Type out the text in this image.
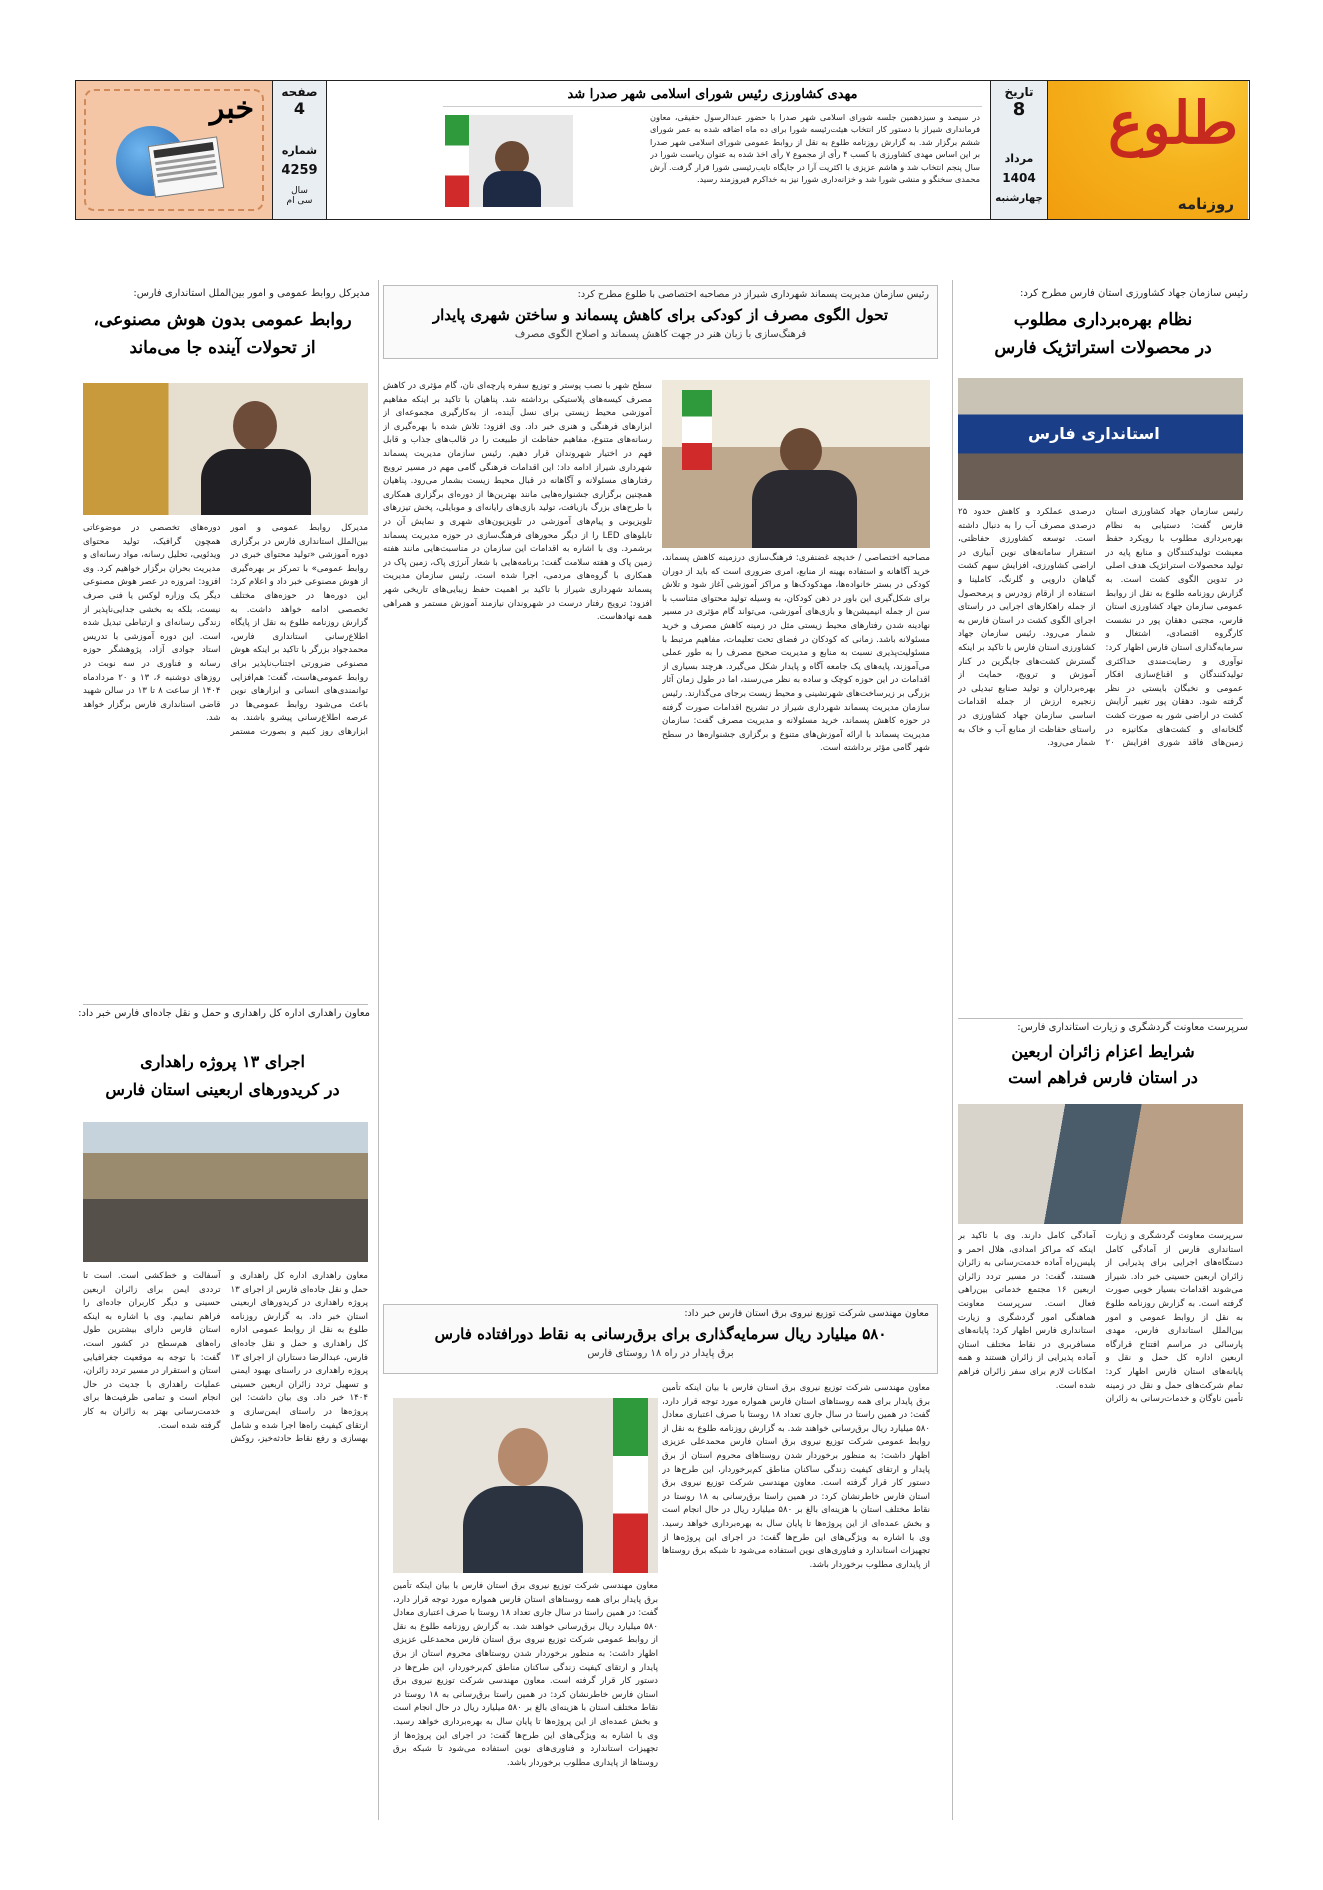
طلوع
روزنامه
تاریخ
8
مرداد
1404
چهارشنبه
مهدی کشاورزی رئیس شورای اسلامی شهر صدرا شد
در سیصد و سیزدهمین جلسه شورای اسلامی شهر صدرا با حضور عبدالرسول حقیقی، معاون فرمانداری شیراز با دستور کار انتخاب هیئت‌رئیسه شورا برای ده ماه اضافه شده به عمر شورای ششم برگزار شد. به گزارش روزنامه طلوع به نقل از روابط عمومی شورای اسلامی شهر صدرا بر این اساس مهدی کشاورزی با کسب ۴ رأی از مجموع ۷ رأی اخذ شده به عنوان ریاست شورا در سال پنجم انتخاب شد و هاشم عزیزی با اکثریت آرا در جایگاه نایب‌رئیسی شورا قرار گرفت. آرش محمدی سخنگو و منشی شورا شد و خزانه‌داری شورا نیز به خداکرم فیروزمند رسید.
صفحه
4
شماره
4259
سال
سی ام
خبر
رئیس سازمان جهاد کشاورزی استان فارس مطرح کرد:
نظام بهره‌برداری مطلوب
در محصولات استراتژیک فارس
استانداری فارس
رئیس سازمان جهاد کشاورزی استان فارس گفت: دستیابی به نظام بهره‌برداری مطلوب با رویکرد حفظ معیشت تولیدکنندگان و منابع پایه در تولید محصولات استراتژیک هدف اصلی در تدوین الگوی کشت است. به گزارش روزنامه طلوع به نقل از روابط عمومی سازمان جهاد کشاورزی استان فارس، مجتبی دهقان پور در نشست کارگروه اقتصادی، اشتغال و سرمایه‌گذاری استان فارس اظهار کرد: نوآوری و رضایت‌مندی حداکثری تولیدکنندگان و اقناع‌سازی افکار عمومی و نخبگان بایستی در نظر گرفته شود. دهقان پور تغییر آرایش کشت در اراضی شور به صورت کشت گلخانه‌ای و کشت‌های مکانیزه در زمین‌های فاقد شوری افزایش ۲۰ درصدی عملکرد و کاهش حدود ۲۵ درصدی مصرف آب را به دنبال داشته است. توسعه کشاورزی حفاظتی، استقرار سامانه‌های نوین آبیاری در اراضی کشاورزی، افزایش سهم کشت گیاهان دارویی و گلرنگ، کاملینا و استفاده از ارقام زودرس و پرمحصول از جمله راهکارهای اجرایی در راستای اجرای الگوی کشت در استان فارس به شمار می‌رود. رئیس سازمان جهاد کشاورزی استان فارس با تاکید بر اینکه گسترش کشت‌های جایگزین در کنار آموزش و ترویج، حمایت از بهره‌برداران و تولید صنایع تبدیلی در زنجیره ارزش از جمله اقدامات اساسی سازمان جهاد کشاورزی در راستای حفاظت از منابع آب و خاک به شمار می‌رود.
سرپرست معاونت گردشگری و زیارت استانداری فارس:
شرایط اعزام زائران اربعین
در استان فارس فراهم است
سرپرست معاونت گردشگری و زیارت استانداری فارس از آمادگی کامل دستگاه‌های اجرایی برای پذیرایی از زائران اربعین حسینی خبر داد. شیراز می‌شوند اقدامات بسیار خوبی صورت گرفته است. به گزارش روزنامه طلوع به نقل از روابط عمومی و امور بین‌الملل استانداری فارس، مهدی پارسائی در مراسم افتتاح قرارگاه اربعین اداره کل حمل و نقل و پایانه‌های استان فارس اظهار کرد: تمام شرکت‌های حمل و نقل در زمینه تأمین ناوگان و خدمات‌رسانی به زائران آمادگی کامل دارند. وی با تاکید بر اینکه که مراکز امدادی، هلال احمر و پلیس‌راه آماده خدمت‌رسانی به زائران هستند، گفت: در مسیر تردد زائران اربعین ۱۶ مجتمع خدماتی بین‌راهی فعال است. سرپرست معاونت هماهنگی امور گردشگری و زیارت استانداری فارس اظهار کرد: پایانه‌های مسافربری در نقاط مختلف استان آماده پذیرایی از زائران هستند و همه امکانات لازم برای سفر زائران فراهم شده است.
رئیس سازمان مدیریت پسماند شهرداری شیراز در مصاحبه اختصاصی با طلوع مطرح کرد:
تحول الگوی مصرف از کودکی برای کاهش پسماند و ساختن شهری پایدار
فرهنگ‌سازی با زبان هنر در جهت کاهش پسماند و اصلاح الگوی مصرف
مصاحبه اختصاصی / خدیجه غضنفری: فرهنگ‌سازی درزمینه کاهش پسماند، خرید آگاهانه و استفاده بهینه از منابع، امری ضروری است که باید از دوران کودکی در بستر خانواده‌ها، مهدکودک‌ها و مراکز آموزشی آغاز شود و تلاش برای شکل‌گیری این باور در ذهن کودکان، به وسیله تولید محتوای متناسب با سن از جمله انیمیشن‌ها و بازی‌های آموزشی، می‌تواند گام مؤثری در مسیر نهادینه شدن رفتارهای محیط زیستی مثل در زمینه کاهش مصرف و خرید مسئولانه باشد. زمانی که کودکان در فضای تحت تعلیمات، مفاهیم مرتبط با مسئولیت‌پذیری نسبت به منابع و مدیریت صحیح مصرف را به طور عملی می‌آموزند، پایه‌های یک جامعه آگاه و پایدار شکل می‌گیرد. هرچند بسیاری از اقدامات در این حوزه کوچک و ساده به نظر می‌رسند، اما در طول زمان آثار بزرگی بر زیرساخت‌های شهرنشینی و محیط زیست برجای می‌گذارند. رئیس سازمان مدیریت پسماند شهرداری شیراز در تشریح اقدامات صورت گرفته در حوزه کاهش پسماند، خرید مسئولانه و مدیریت مصرف گفت: سازمان مدیریت پسماند با ارائه آموزش‌های متنوع و برگزاری جشنواره‌ها در سطح شهر گامی مؤثر برداشته است.
سطح شهر با نصب پوستر و توزیع سفره پارچه‌ای نان، گام مؤثری در کاهش مصرف کیسه‌های پلاستیکی برداشته شد. پناهیان با تاکید بر اینکه مفاهیم آموزشی محیط زیستی برای نسل آینده، از به‌کارگیری مجموعه‌ای از ابزارهای فرهنگی و هنری خبر داد. وی افزود: تلاش شده با بهره‌گیری از رسانه‌های متنوع، مفاهیم حفاظت از طبیعت را در قالب‌های جذاب و قابل فهم در اختیار شهروندان قرار دهیم. رئیس سازمان مدیریت پسماند شهرداری شیراز ادامه داد: این اقدامات فرهنگی گامی مهم در مسیر ترویج رفتارهای مسئولانه و آگاهانه در قبال محیط زیست بشمار می‌رود. پناهیان همچنین برگزاری جشنواره‌هایی مانند بهترین‌ها از دوره‌ای برگزاری همکاری با طرح‌های بزرگ بازیافت، تولید بازی‌های رایانه‌ای و موبایلی، پخش تیزرهای تلویزیونی و پیام‌های آموزشی در تلویزیون‌های شهری و نمایش آن در تابلوهای LED را از دیگر محورهای فرهنگ‌سازی در حوزه مدیریت پسماند برشمرد. وی با اشاره به اقدامات این سازمان در مناسبت‌هایی مانند هفته زمین پاک و هفته سلامت گفت: برنامه‌هایی با شعار آنرژی پاک، زمین پاک در همکاری با گروه‌های مردمی، اجرا شده است. رئیس سازمان مدیریت پسماند شهرداری شیراز با تاکید بر اهمیت حفظ زیبایی‌های تاریخی شهر افزود: ترویج رفتار درست در شهروندان نیازمند آموزش مستمر و همراهی همه نهادهاست.
معاون مهندسی شرکت توزیع نیروی برق استان فارس خبر داد:
۵۸۰ میلیارد ریال سرمایه‌گذاری برای برق‌رسانی به نقاط دورافتاده فارس
برق پایدار در راه ۱۸ روستای فارس
معاون مهندسی شرکت توزیع نیروی برق استان فارس با بیان اینکه تأمین برق پایدار برای همه روستاهای استان فارس همواره مورد توجه قرار دارد، گفت: در همین راستا در سال جاری تعداد ۱۸ روستا با صرف اعتباری معادل ۵۸۰ میلیارد ریال برق‌رسانی خواهند شد. به گزارش روزنامه طلوع به نقل از روابط عمومی شرکت توزیع نیروی برق استان فارس محمدعلی عزیزی اظهار داشت: به منظور برخوردار شدن روستاهای محروم استان از برق پایدار و ارتقای کیفیت زندگی ساکنان مناطق کم‌برخوردار، این طرح‌ها در دستور کار قرار گرفته است. معاون مهندسی شرکت توزیع نیروی برق استان فارس خاطرنشان کرد: در همین راستا برق‌رسانی به ۱۸ روستا در نقاط مختلف استان با هزینه‌ای بالغ بر ۵۸۰ میلیارد ریال در حال انجام است و بخش عمده‌ای از این پروژه‌ها تا پایان سال به بهره‌برداری خواهد رسید. وی با اشاره به ویژگی‌های این طرح‌ها گفت: در اجرای این پروژه‌ها از تجهیزات استاندارد و فناوری‌های نوین استفاده می‌شود تا شبکه برق روستاها از پایداری مطلوب برخوردار باشد.
معاون مهندسی شرکت توزیع نیروی برق استان فارس با بیان اینکه تأمین برق پایدار برای همه روستاهای استان فارس همواره مورد توجه قرار دارد، گفت: در همین راستا در سال جاری تعداد ۱۸ روستا با صرف اعتباری معادل ۵۸۰ میلیارد ریال برق‌رسانی خواهند شد. به گزارش روزنامه طلوع به نقل از روابط عمومی شرکت توزیع نیروی برق استان فارس محمدعلی عزیزی اظهار داشت: به منظور برخوردار شدن روستاهای محروم استان از برق پایدار و ارتقای کیفیت زندگی ساکنان مناطق کم‌برخوردار، این طرح‌ها در دستور کار قرار گرفته است. معاون مهندسی شرکت توزیع نیروی برق استان فارس خاطرنشان کرد: در همین راستا برق‌رسانی به ۱۸ روستا در نقاط مختلف استان با هزینه‌ای بالغ بر ۵۸۰ میلیارد ریال در حال انجام است و بخش عمده‌ای از این پروژه‌ها تا پایان سال به بهره‌برداری خواهد رسید. وی با اشاره به ویژگی‌های این طرح‌ها گفت: در اجرای این پروژه‌ها از تجهیزات استاندارد و فناوری‌های نوین استفاده می‌شود تا شبکه برق روستاها از پایداری مطلوب برخوردار باشد.
مدیرکل روابط عمومی و امور بین‌الملل استانداری فارس:
روابط عمومی بدون هوش مصنوعی،
از تحولات آینده جا می‌ماند
مدیرکل روابط عمومی و امور بین‌الملل استانداری فارس در برگزاری دوره آموزشی «تولید محتوای خبری در روابط عمومی» با تمرکز بر بهره‌گیری از هوش مصنوعی خبر داد و اعلام کرد: این دوره‌ها در حوزه‌های مختلف تخصصی ادامه خواهد داشت. به گزارش روزنامه طلوع به نقل از پایگاه اطلاع‌رسانی استانداری فارس، محمدجواد بزرگر با تاکید بر اینکه هوش مصنوعی ضرورتی اجتناب‌ناپذیر برای روابط عمومی‌هاست، گفت: هم‌افزایی توانمندی‌های انسانی و ابزارهای نوین باعث می‌شود روابط عمومی‌ها در عرصه اطلاع‌رسانی پیشرو باشند. به ابزارهای روز کنیم و بصورت مستمر دوره‌های تخصصی در موضوعاتی همچون گرافیک، تولید محتوای ویدئویی، تحلیل رسانه، مواد رسانه‌ای و مدیریت بحران برگزار خواهیم کرد. وی افزود: امروزه در عصر هوش مصنوعی دیگر یک وزاره لوکس یا فنی صرف نیست، بلکه به بخشی جدایی‌ناپذیر از زندگی رسانه‌ای و ارتباطی تبدیل شده است. این دوره آموزشی با تدریس استاد جوادی آزاد، پژوهشگر حوزه رسانه و فناوری در سه نوبت در روزهای دوشنبه ۶، ۱۳ و ۲۰ مردادماه ۱۴۰۴ از ساعت ۸ تا ۱۳ در سالن شهید قاضی استانداری فارس برگزار خواهد شد.
معاون راهداری اداره کل راهداری و حمل و نقل جاده‌ای فارس خبر داد:
اجرای ۱۳ پروژه راهداری
در کریدورهای اربعینی استان فارس
معاون راهداری اداره کل راهداری و حمل و نقل جاده‌ای فارس از اجرای ۱۳ پروژه راهداری در کریدورهای اربعینی استان خبر داد. به گزارش روزنامه طلوع به نقل از روابط عمومی اداره کل راهداری و حمل و نقل جاده‌ای فارس، عبدالرضا دستاران از اجرای ۱۳ پروژه راهداری در راستای بهبود ایمنی و تسهیل تردد زائران اربعین حسینی ۱۴۰۴ خبر داد. وی بیان داشت: این پروژه‌ها در راستای ایمن‌سازی و ارتقای کیفیت راه‌ها اجرا شده و شامل بهسازی و رفع نقاط حادثه‌خیز، روکش آسفالت و خط‌کشی است. است تا ترددی ایمن برای زائران اربعین حسینی و دیگر کاربران جاده‌ای را فراهم نماییم. وی با اشاره به اینکه استان فارس دارای بیشترین طول راه‌های هم‌سطح در کشور است، گفت: با توجه به موقعیت جغرافیایی استان و استقرار در مسیر تردد زائران، عملیات راهداری با جدیت در حال انجام است و تمامی ظرفیت‌ها برای خدمت‌رسانی بهتر به زائران به کار گرفته شده است.
